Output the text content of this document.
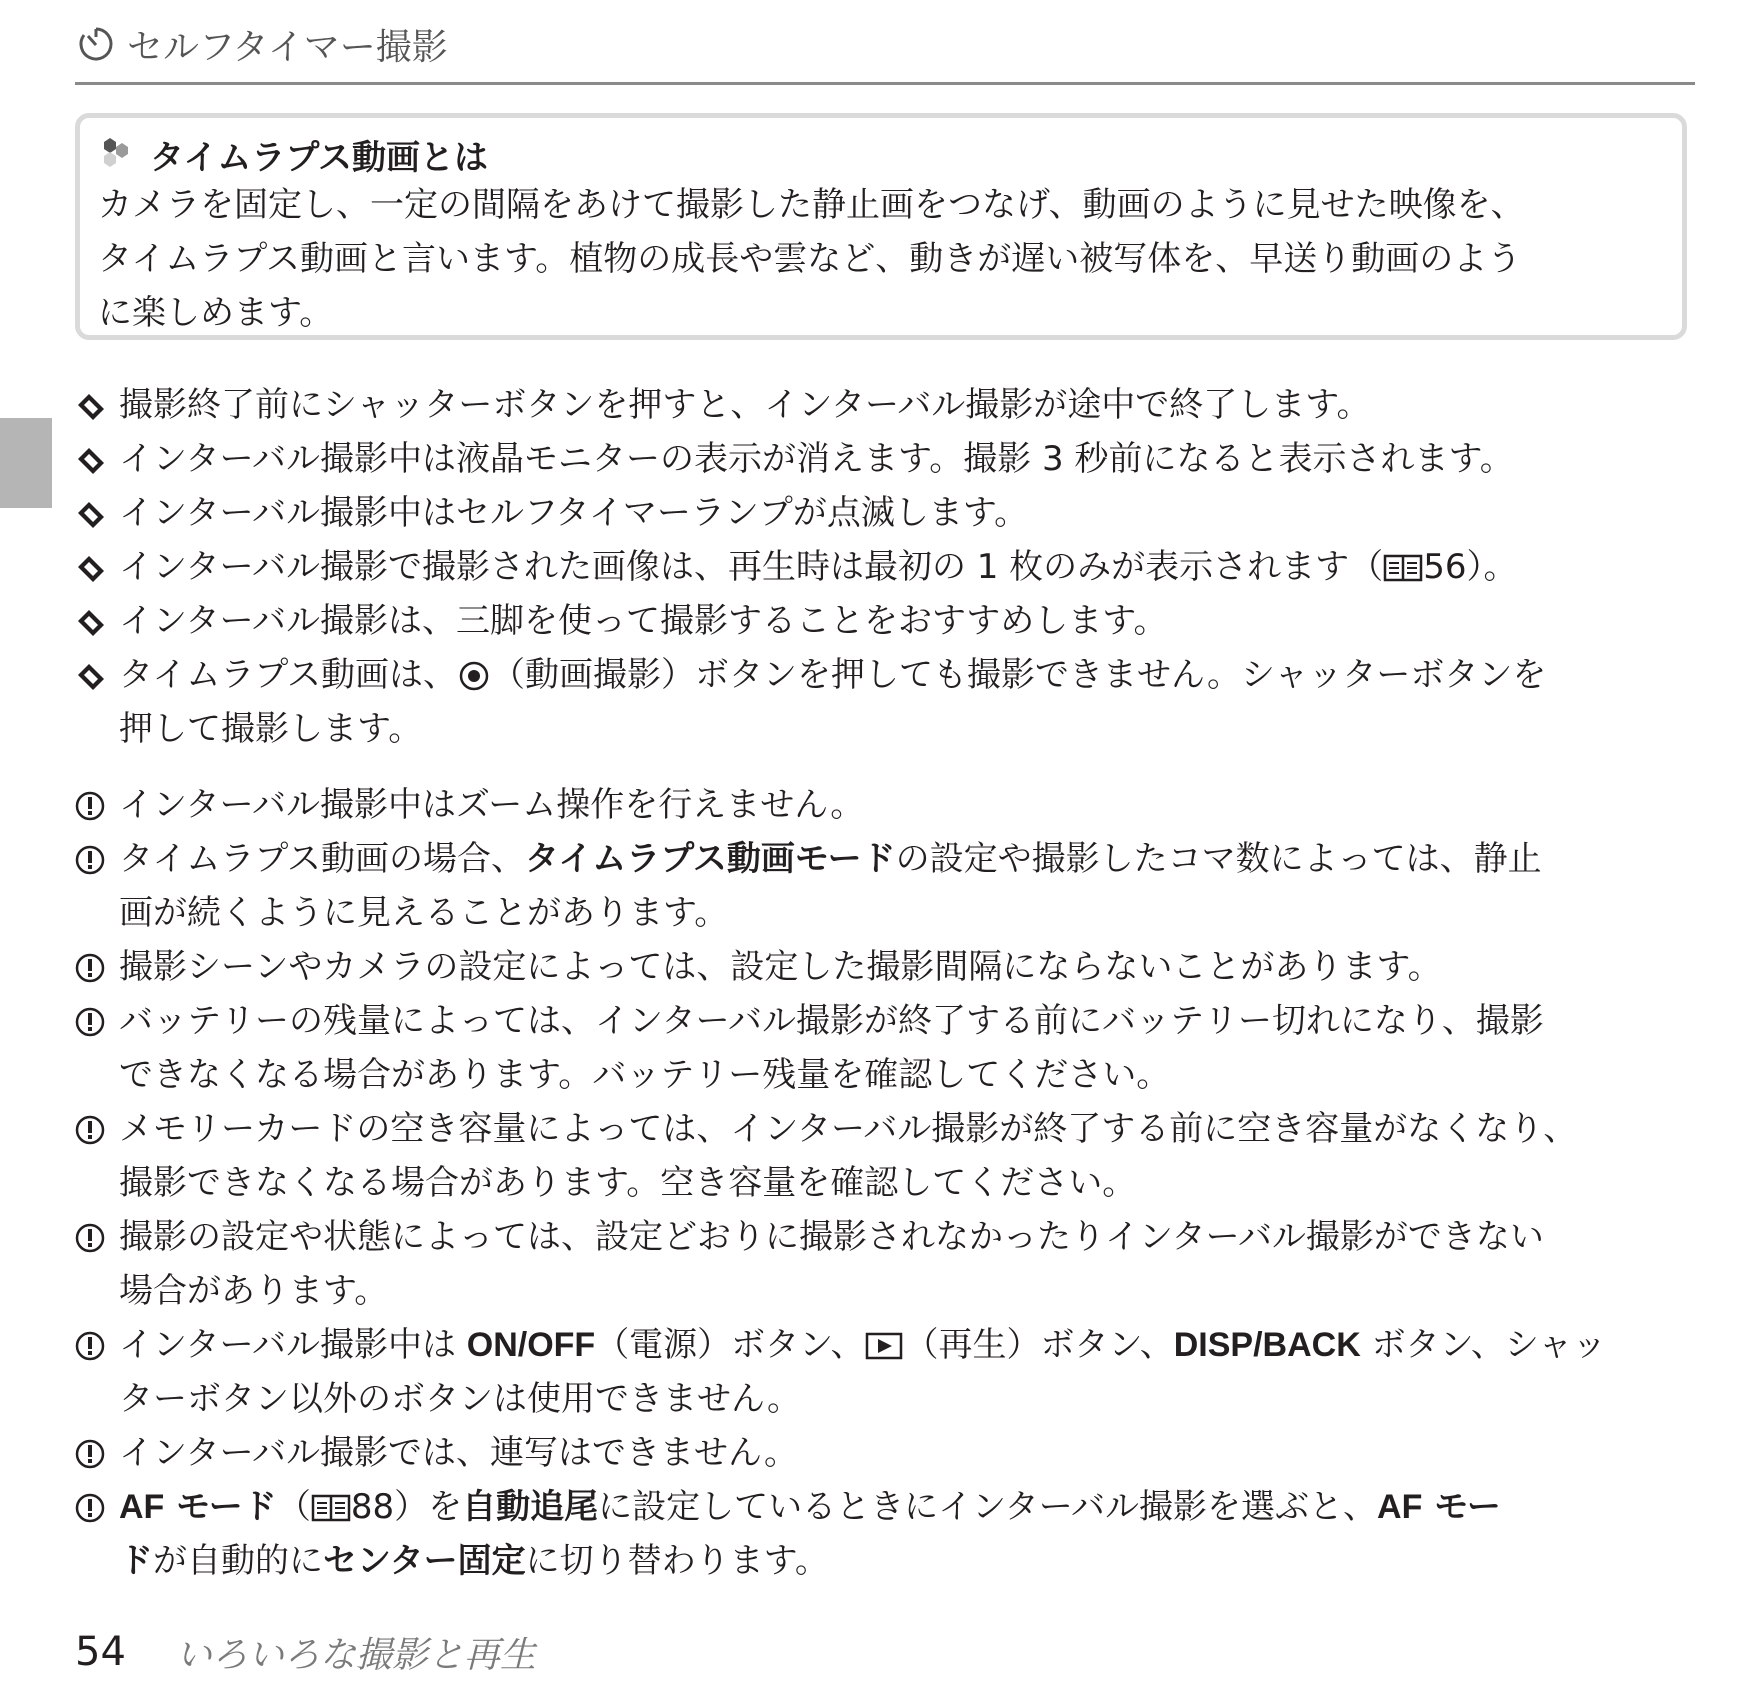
セルフタイマー撮影
タイムラプス動画とは
カメラを固定し、一定の間隔をあけて撮影した静止画をつなげ、動画のように見せた映像を、
タイムラプス動画と言います。植物の成長や雲など、動きが遅い被写体を、早送り動画のよう
に楽しめます。
撮影終了前にシャッターボタンを押すと、インターバル撮影が途中で終了します。
インターバル撮影中は液晶モニターの表示が消えます。撮影 3 秒前になると表示されます。
インターバル撮影中はセルフタイマーランプが点滅します。
インターバル撮影で撮影された画像は、再生時は最初の 1 枚のみが表示されます（ 56）。
インターバル撮影は、三脚を使って撮影することをおすすめします。
タイムラプス動画は、 （動画撮影）ボタンを押しても撮影できません。シャッターボタンを
押して撮影します。
インターバル撮影中はズーム操作を行えません。
タイムラプス動画の場合、タイムラプス動画モードの設定や撮影したコマ数によっては、静止
画が続くように見えることがあります。
撮影シーンやカメラの設定によっては、設定した撮影間隔にならないことがあります。
バッテリーの残量によっては、インターバル撮影が終了する前にバッテリー切れになり、撮影
できなくなる場合があります。バッテリー残量を確認してください。
メモリーカードの空き容量によっては、インターバル撮影が終了する前に空き容量がなくなり、
撮影できなくなる場合があります。空き容量を確認してください。
撮影の設定や状態によっては、設定どおりに撮影されなかったりインターバル撮影ができない
場合があります。
インターバル撮影中は ON/OFF（電源）ボタン、 （再生）ボタン、DISP/BACK ボタン、シャッ
ターボタン以外のボタンは使用できません。
インターバル撮影では、連写はできません。
AF モード（ 88）を自動追尾に設定しているときにインターバル撮影を選ぶと、AF モー
ドが自動的にセンター固定に切り替わります。
54 いろいろな撮影と再生
